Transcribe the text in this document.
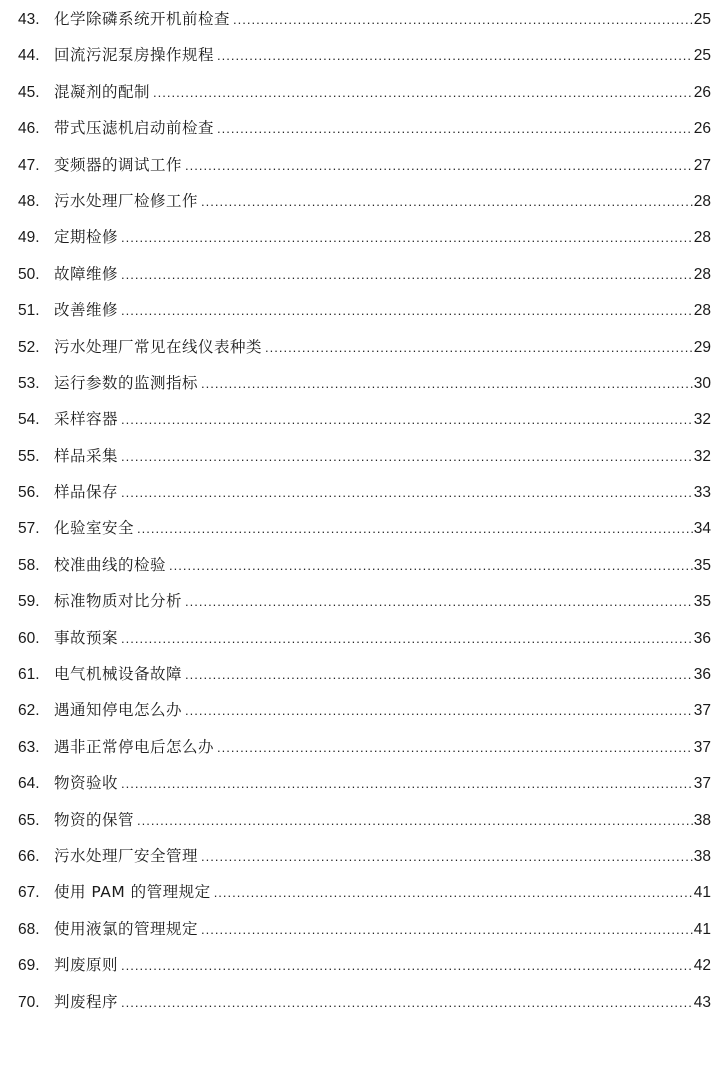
43. 化学除磷系统开机前检查 .....	25
44. 回流污泥泵房操作规程 .....	25
45. 混凝剂的配制 .....	26
46. 带式压滤机启动前检查 .....	26
47. 变频器的调试工作 .....	27
48. 污水处理厂检修工作 .....	28
49. 定期检修 .....	28
50. 故障维修 .....	28
51. 改善维修 .....	28
52. 污水处理厂常见在线仪表种类 .....	29
53. 运行参数的监测指标 .....	30
54. 采样容器 .....	32
55. 样品采集 .....	32
56. 样品保存 .....	33
57. 化验室安全 .....	34
58. 校准曲线的检验 .....	35
59. 标准物质对比分析 .....	35
60. 事故预案 .....	36
61. 电气机械设备故障 .....	36
62. 遇通知停电怎么办 .....	37
63. 遇非正常停电后怎么办 .....	37
64. 物资验收 .....	37
65. 物资的保管 .....	38
66. 污水处理厂安全管理 .....	38
67. 使用 PAM 的管理规定 .....	41
68. 使用液氯的管理规定 .....	41
69. 判废原则 .....	42
70. 判废程序 .....	43
